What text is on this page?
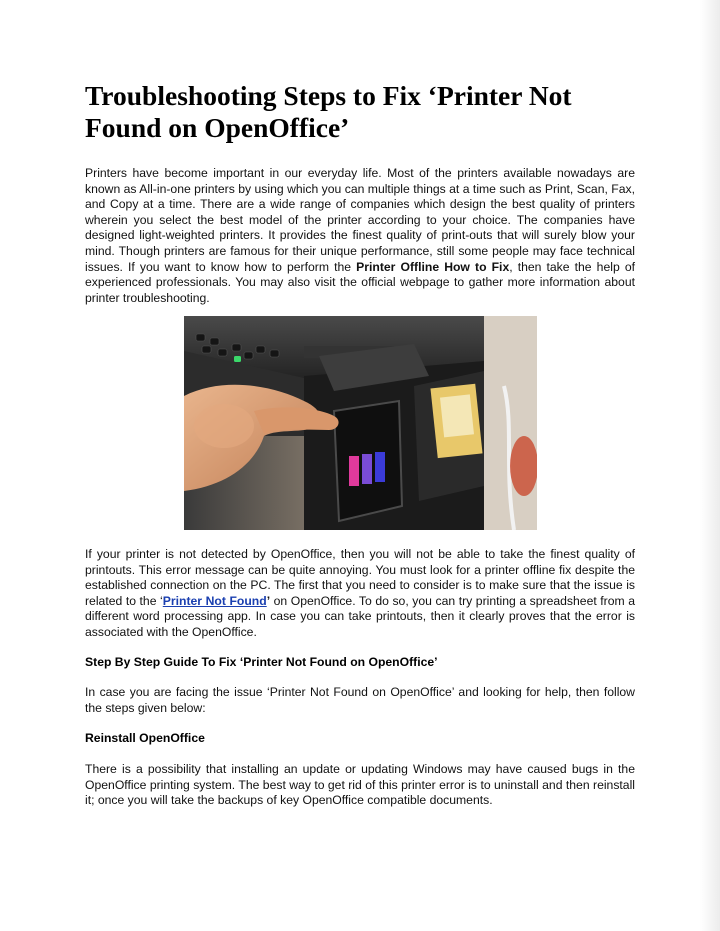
Troubleshooting Steps to Fix ‘Printer Not Found on OpenOffice’

Printers have become important in our everyday life. Most of the printers available nowadays are known as All-in-one printers by using which you can multiple things at a time such as Print, Scan, Fax, and Copy at a time. There are a wide range of companies which design the best quality of printers wherein you select the best model of the printer according to your choice. The companies have designed light-weighted printers. It provides the finest quality of print-outs that will surely blow your mind. Though printers are famous for their unique performance, still some people may face technical issues. If you want to know how to perform the Printer Offline How to Fix, then take the help of experienced professionals. You may also visit the official webpage to gather more information about printer troubleshooting.

If your printer is not detected by OpenOffice, then you will not be able to take the finest quality of printouts. This error message can be quite annoying. You must look for a printer offline fix despite the established connection on the PC. The first that you need to consider is to make sure that the issue is related to the ‘Printer Not Found’ on OpenOffice. To do so, you can try printing a spreadsheet from a different word processing app. In case you can take printouts, then it clearly proves that the error is associated with the OpenOffice.

Step By Step Guide To Fix ‘Printer Not Found on OpenOffice’

In case you are facing the issue ‘Printer Not Found on OpenOffice’ and looking for help, then follow the steps given below:

Reinstall OpenOffice

There is a possibility that installing an update or updating Windows may have caused bugs in the OpenOffice printing system. The best way to get rid of this printer error is to uninstall and then reinstall it; once you will take the backups of key OpenOffice compatible documents.
